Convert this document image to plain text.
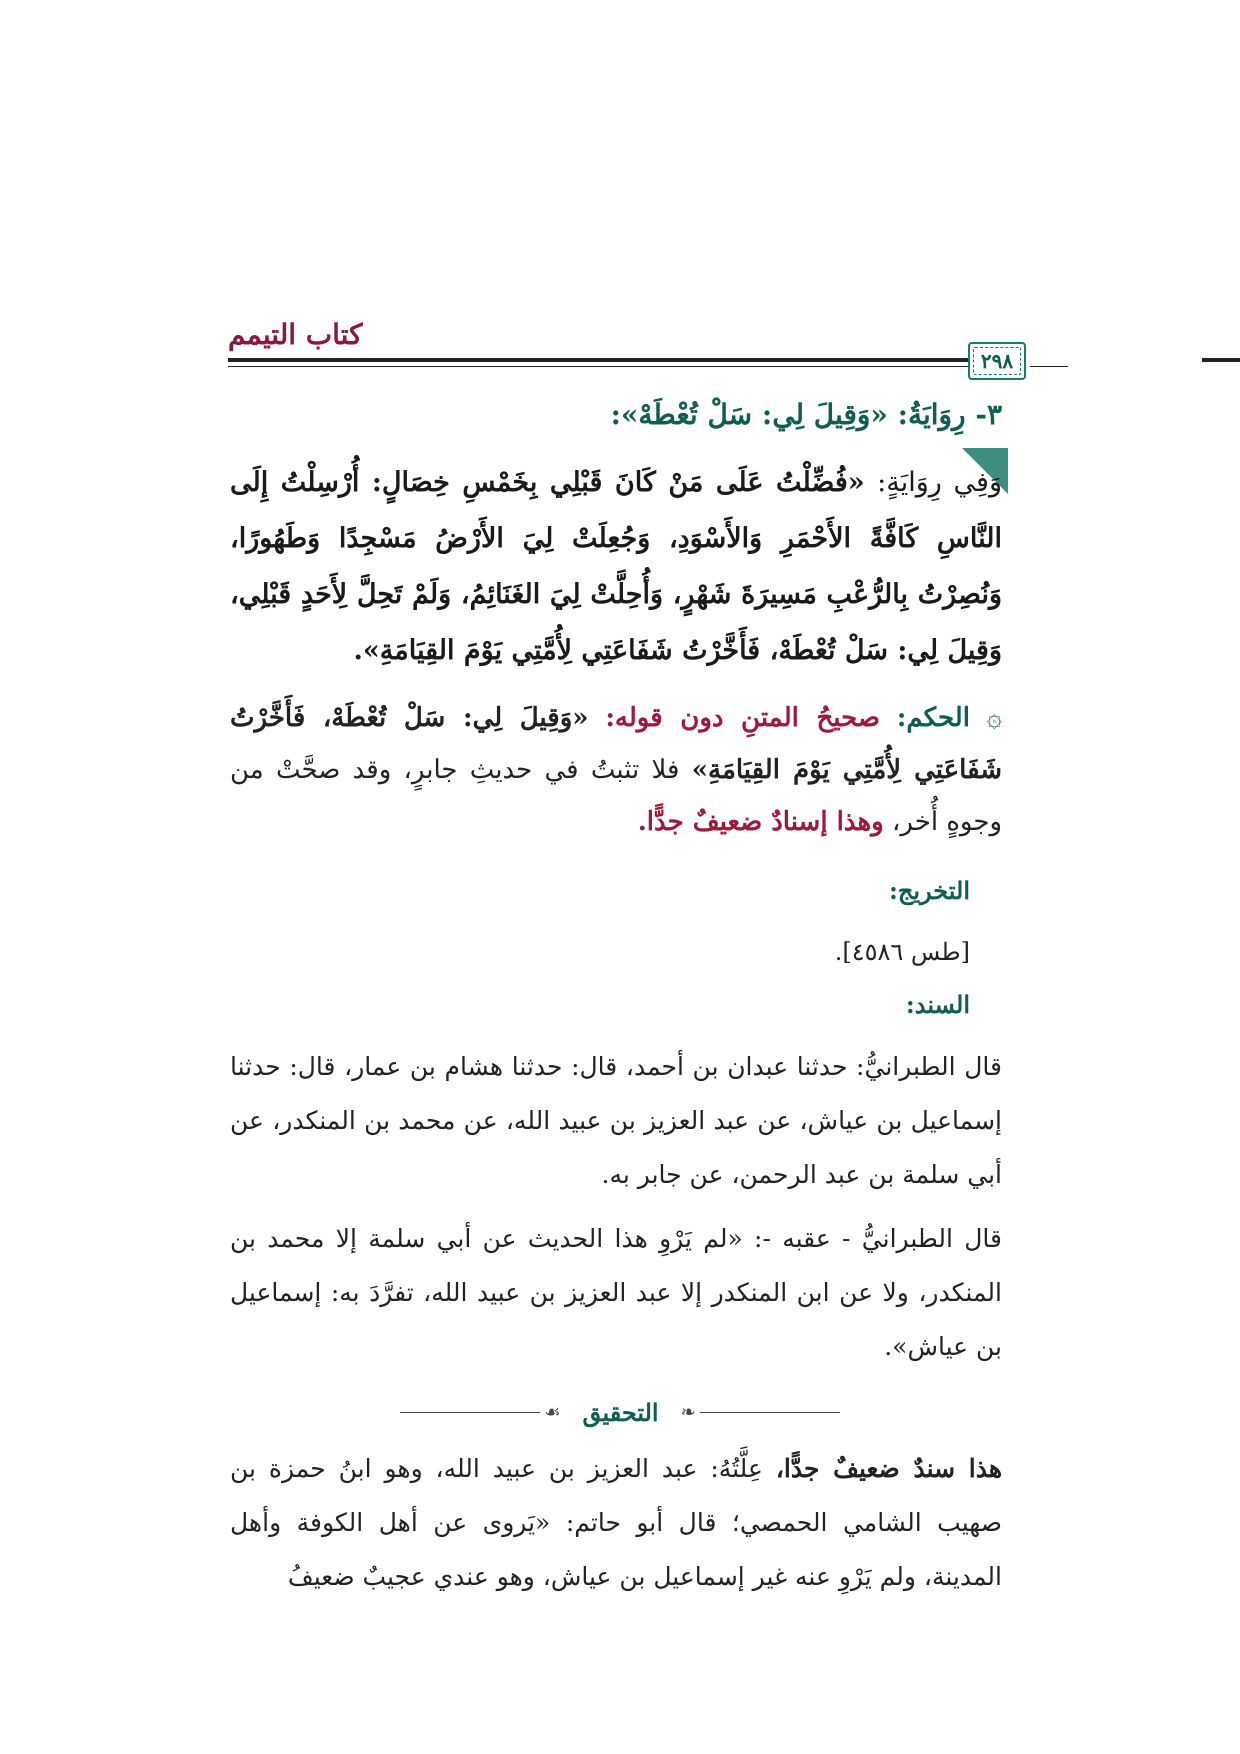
كتاب التيمم
٢٩٨
٣- رِوَايَةُ: «وَقِيلَ لِي: سَلْ تُعْطَهْ»:
وَفِي رِوَايَةٍ: «فُضِّلْتُ عَلَى مَنْ كَانَ قَبْلِي بِخَمْسِ خِصَالٍ: أُرْسِلْتُ إِلَى النَّاسِ كَافَّةً الأَحْمَرِ وَالأَسْوَدِ، وَجُعِلَتْ لِيَ الأَرْضُ مَسْجِدًا وَطَهُورًا، وَنُصِرْتُ بِالرُّعْبِ مَسِيرَةَ شَهْرٍ، وَأُحِلَّتْ لِيَ الغَنَائِمُ، وَلَمْ تَحِلَّ لِأَحَدٍ قَبْلِي، وَقِيلَ لِي: سَلْ تُعْطَهْ، فَأَخَّرْتُ شَفَاعَتِي لِأُمَّتِي يَوْمَ القِيَامَةِ».
۞ الحكم: صحيحُ المتنِ دون قوله: «وَقِيلَ لِي: سَلْ تُعْطَهْ، فَأَخَّرْتُ شَفَاعَتِي لِأُمَّتِي يَوْمَ القِيَامَةِ» فلا تثبتُ في حديثِ جابرٍ، وقد صحَّتْ من وجوهٍ أُخر، وهذا إسنادٌ ضعيفٌ جدًّا.
التخريج:
[طس ٤٥٨٦].
السند:
قال الطبرانيُّ: حدثنا عبدان بن أحمد، قال: حدثنا هشام بن عمار، قال: حدثنا إسماعيل بن عياش، عن عبد العزيز بن عبيد الله، عن محمد بن المنكدر، عن أبي سلمة بن عبد الرحمن، عن جابر به.
قال الطبرانيُّ - عقبه -: «لم يَرْوِ هذا الحديث عن أبي سلمة إلا محمد بن المنكدر، ولا عن ابن المنكدر إلا عبد العزيز بن عبيد الله، تفرَّدَ به: إسماعيل بن عياش».
❧
التحقيق
☙
هذا سندٌ ضعيفٌ جدًّا، عِلَّتُهُ: عبد العزيز بن عبيد الله، وهو ابنُ حمزة بن صهيب الشامي الحمصي؛ قال أبو حاتم: «يَروى عن أهل الكوفة وأهل المدينة، ولم يَرْوِ عنه غير إسماعيل بن عياش، وهو عندي عجيبٌ ضعيفُ
